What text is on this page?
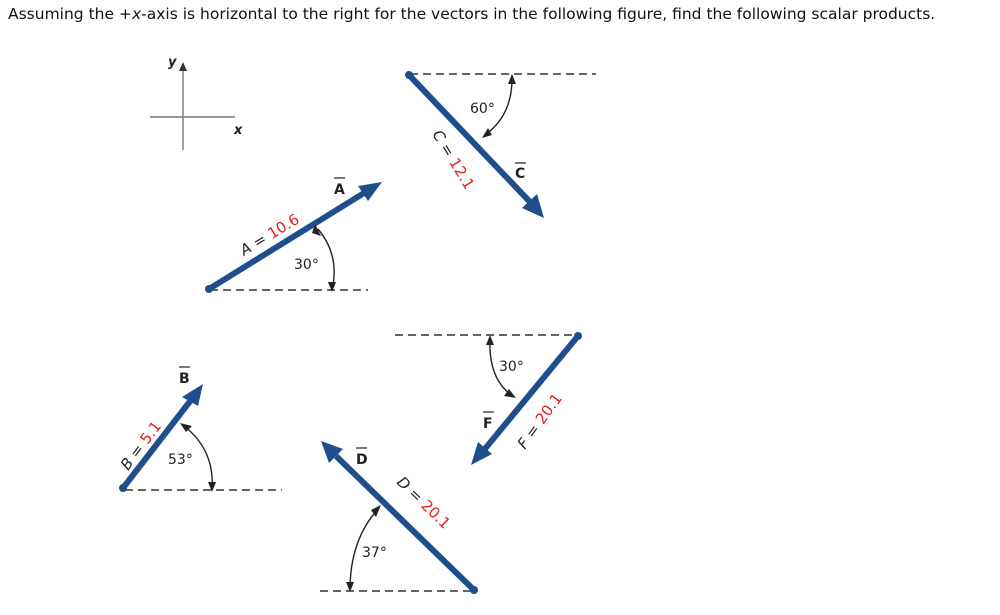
Assuming the +x-axis is horizontal to the right for the vectors in the following figure, find the following scalar products.
y
x
30°
A
A = 10.6
60°
C
C = 12.1
53°
B
B = 5.1
37°
D
D = 20.1
30°
F F = 20.1
